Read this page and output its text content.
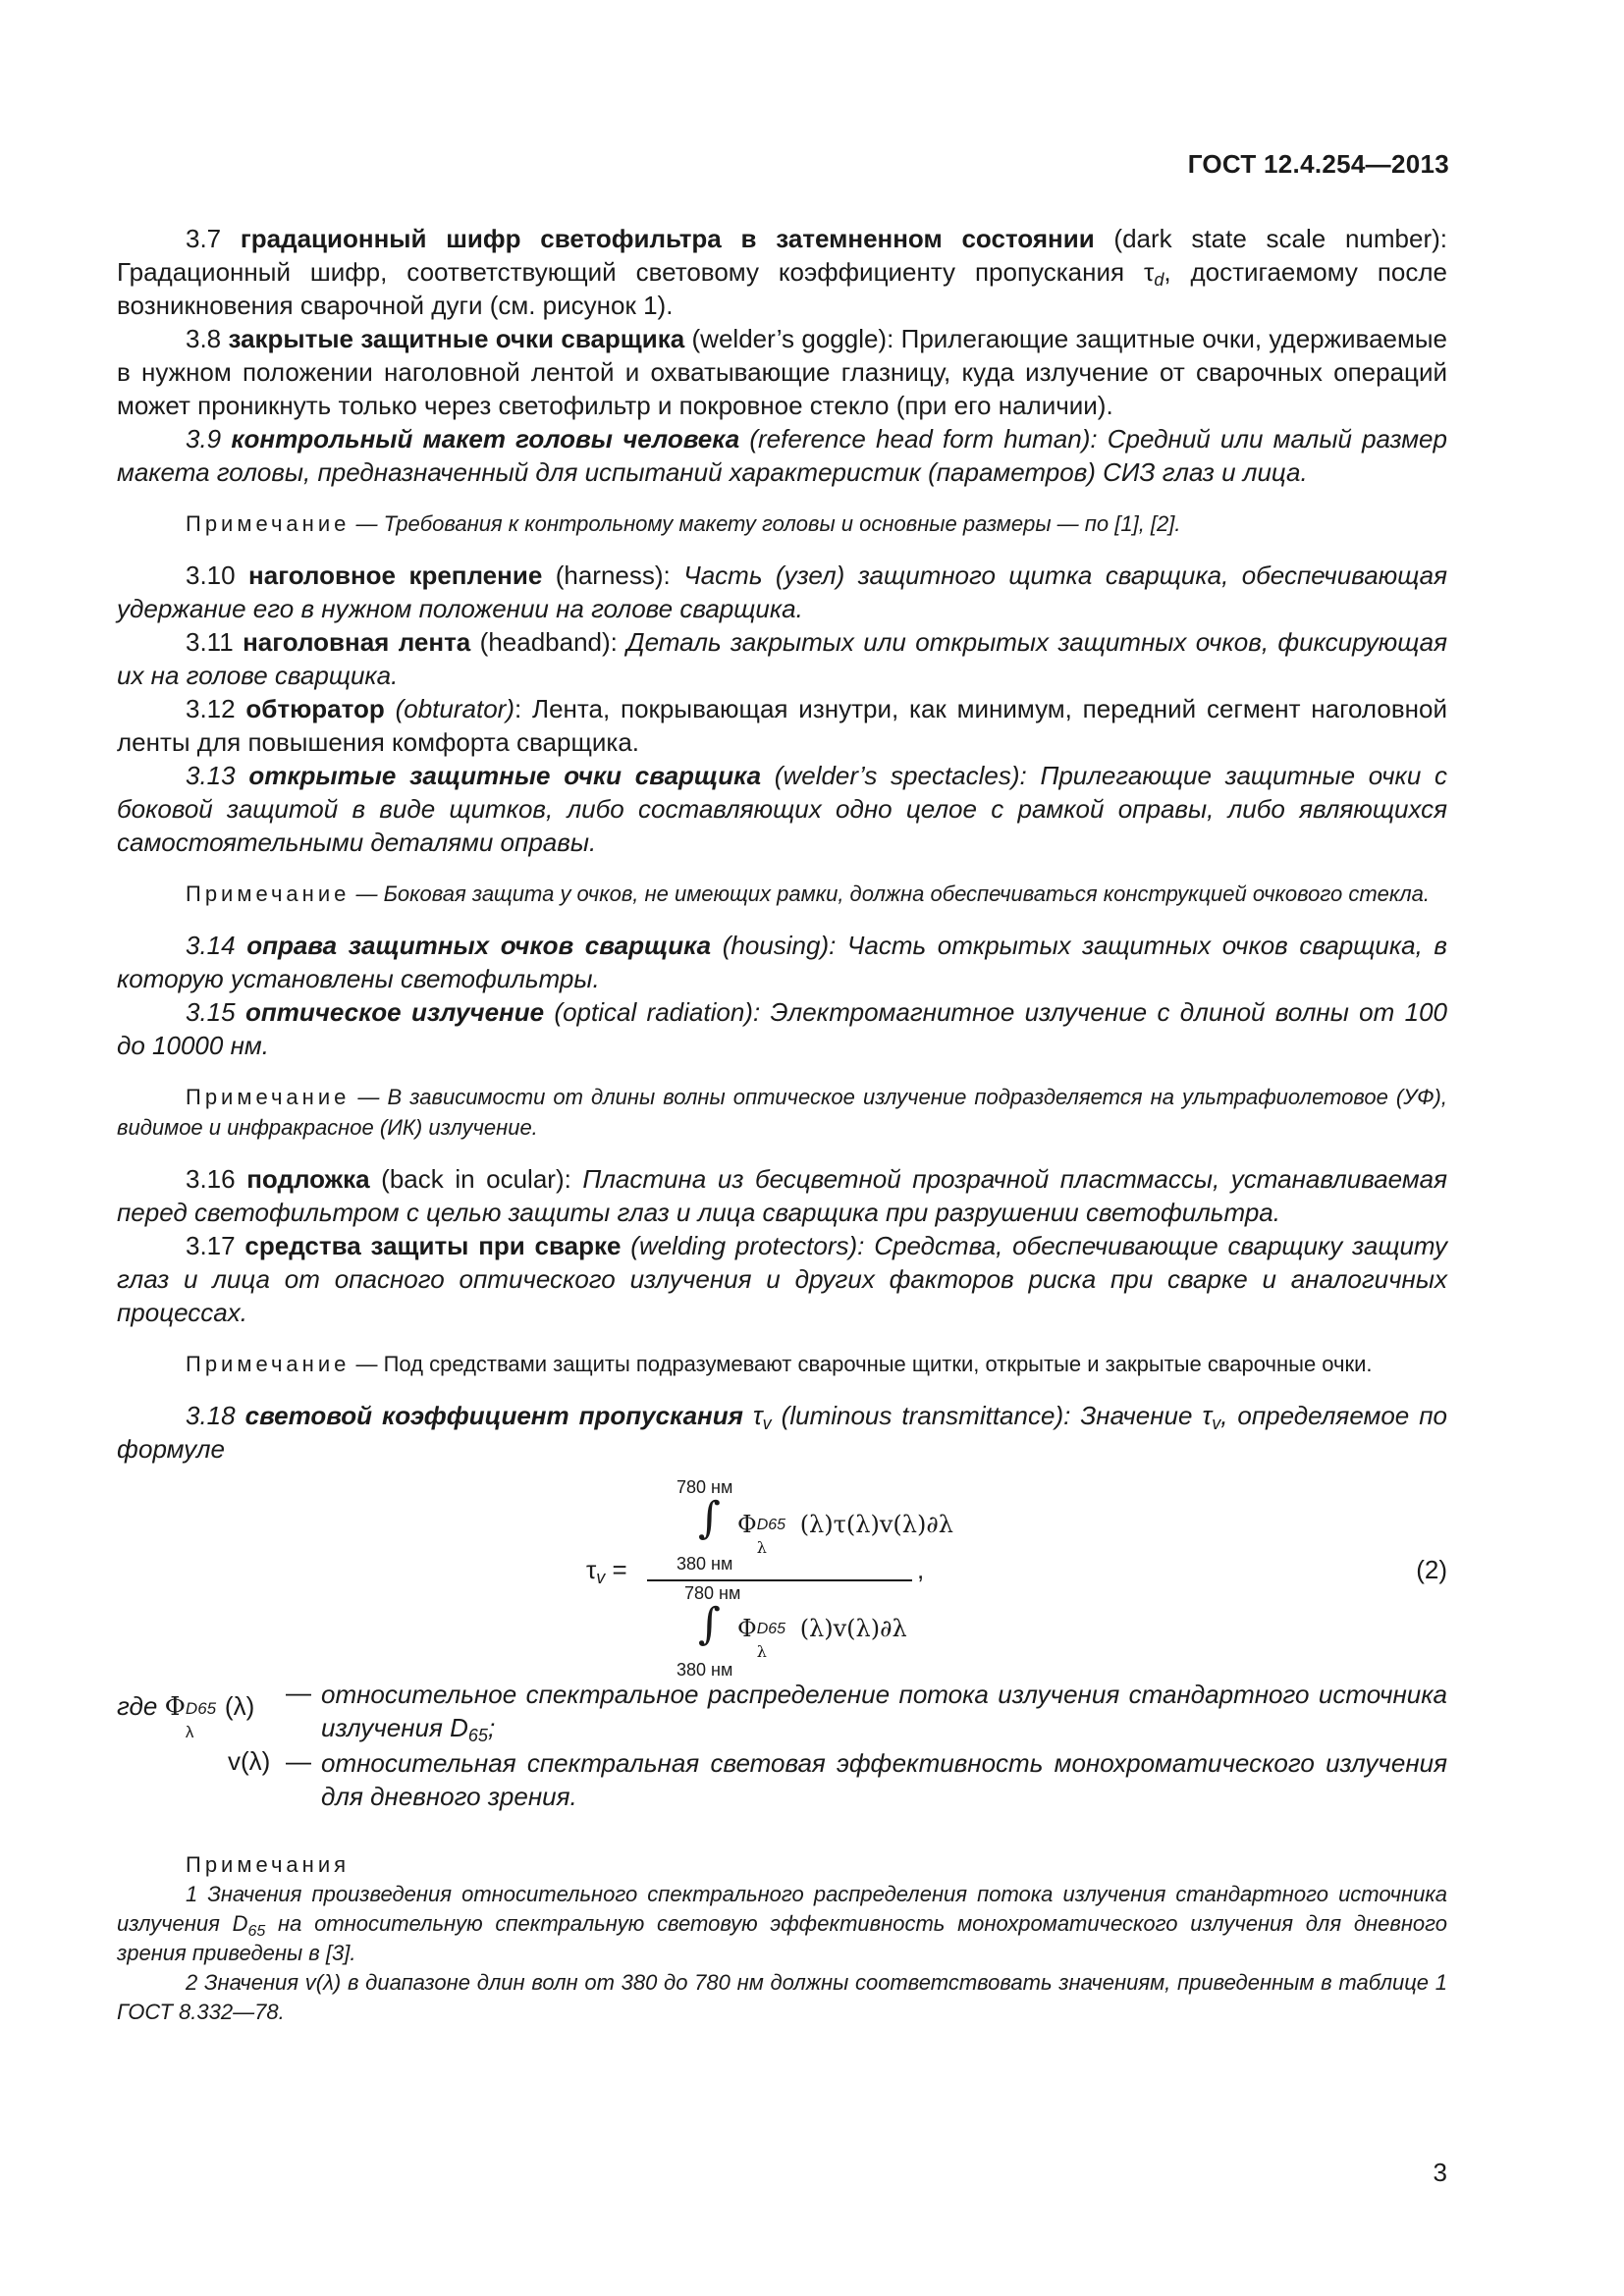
ГОСТ 12.4.254—2013

3.7 градационный шифр светофильтра в затемненном состоянии (dark state scale number): Градационный шифр, соответствующий световому коэффициенту пропускания $\tau_d$, достигаемому после возникновения сварочной дуги (см. рисунок 1).

3.8 закрытые защитные очки сварщика (welder’s goggle): Прилегающие защитные очки, удерживаемые в нужном положении наголовной лентой и охватывающие глазницу, куда излучение от сварочных операций может проникнуть только через светофильтр и покровное стекло (при его наличии).

3.9 контрольный макет головы человека (reference head form human): Средний или малый размер макета головы, предназначенный для испытаний характеристик (параметров) СИЗ глаз и лица.

Примечание — Требования к контрольному макету головы и основные размеры — по [1], [2].

3.10 наголовное крепление (harness): Часть (узел) защитного щитка сварщика, обеспечивающая удержание его в нужном положении на голове сварщика.

3.11 наголовная лента (headband): Деталь закрытых или открытых защитных очков, фиксирующая их на голове сварщика.

3.12 обтюратор (obturator): Лента, покрывающая изнутри, как минимум, передний сегмент наголовной ленты для повышения комфорта сварщика.

3.13 открытые защитные очки сварщика (welder’s spectacles): Прилегающие защитные очки с боковой защитой в виде щитков, либо составляющих одно целое с рамкой оправы, либо являющихся самостоятельными деталями оправы.

Примечание — Боковая защита у очков, не имеющих рамки, должна обеспечиваться конструкцией очкового стекла.

3.14 оправа защитных очков сварщика (housing): Часть открытых защитных очков сварщика, в которую установлены светофильтры.

3.15 оптическое излучение (optical radiation): Электромагнитное излучение с длиной волны от 100 до 10000 нм.

Примечание — В зависимости от длины волны оптическое излучение подразделяется на ультрафиолетовое (УФ), видимое и инфракрасное (ИК) излучение.

3.16 подложка (back in ocular): Пластина из бесцветной прозрачной пластмассы, устанавливаемая перед светофильтром с целью защиты глаз и лица сварщика при разрушении светофильтра.

3.17 средства защиты при сварке (welding protectors): Средства, обеспечивающие сварщику защиту глаз и лица от опасного оптического излучения и других факторов риска при сварке и аналогичных процессах.

Примечание — Под средствами защиты подразумевают сварочные щитки, открытые и закрытые сварочные очки.

3.18 световой коэффициент пропускания $\tau_v$ (luminous transmittance): Значение $\tau_v$, определяемое по формуле

$\tau_v$ =
780 нм
∫ Φ D65
λ
(λ)τ(λ)v(λ)∂λ
380 нм
780 нм
∫ Φ D65
λ
(λ)v(λ)∂λ
380 нм
,	(2)
где Φ D65
λ
(λ) — относительное спектральное распределение потока излучения стандартного источника излучения $D_{65}$;
v(λ) — относительная спектральная световая эффективность монохроматического излучения для дневного зрения.

Примечания

1 Значения произведения относительного спектрального распределения потока излучения стандартного источника излучения $D_{65}$ на относительную спектральную световую эффективность монохроматического излучения для дневного зрения приведены в [3].

2 Значения v(λ) в диапазоне длин волн от 380 до 780 нм должны соответствовать значениям, приведенным в таблице 1 ГОСТ 8.332—78.

3
